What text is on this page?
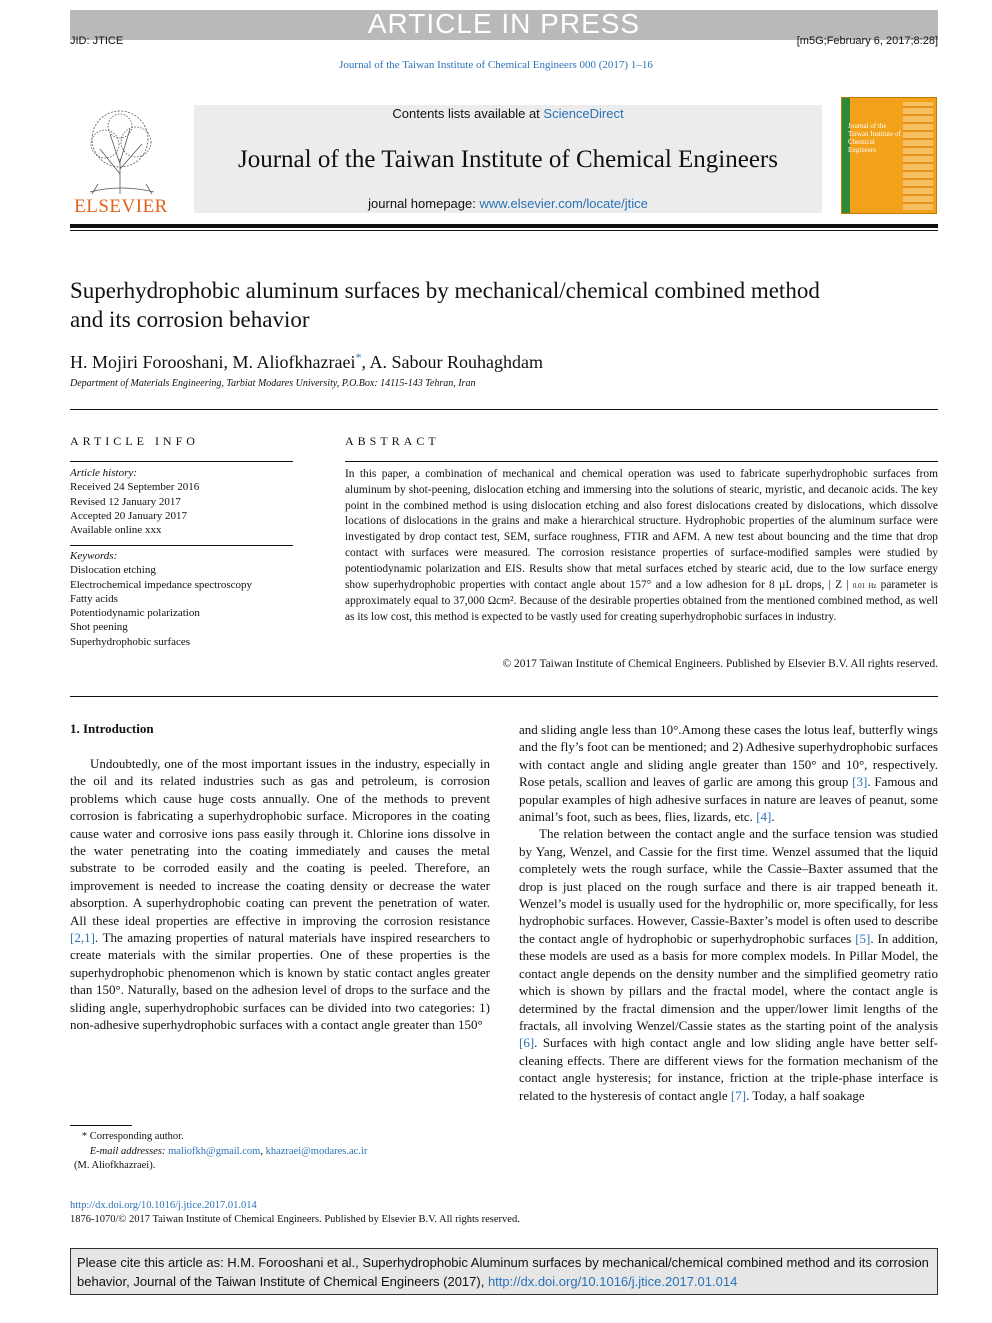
ARTICLE IN PRESS
JID: JTICE	[m5G;February 6, 2017;8:28]
Journal of the Taiwan Institute of Chemical Engineers 000 (2017) 1–16
ELSEVIER
Contents lists available at ScienceDirect
Journal of the Taiwan Institute of Chemical Engineers
journal homepage: www.elsevier.com/locate/jtice
Journal of the Taiwan Institute of Chemical Engineers
Superhydrophobic aluminum surfaces by mechanical/chemical combined method and its corrosion behavior
H. Mojiri Forooshani, M. Aliofkhazraei*, A. Sabour Rouhaghdam
Department of Materials Engineering, Tarbiat Modares University, P.O.Box: 14115-143 Tehran, Iran
ARTICLE INFO
Article history:
Received 24 September 2016
Revised 12 January 2017
Accepted 20 January 2017
Available online xxx
Keywords:
Dislocation etching
Electrochemical impedance spectroscopy
Fatty acids
Potentiodynamic polarization
Shot peening
Superhydrophobic surfaces
ABSTRACT
In this paper, a combination of mechanical and chemical operation was used to fabricate superhydrophobic surfaces from aluminum by shot-peening, dislocation etching and immersing into the solutions of stearic, myristic, and decanoic acids. The key point in the combined method is using dislocation etching and also forest dislocations created by dislocations, which dissolve locations of dislocations in the grains and make a hierarchical structure. Hydrophobic properties of the aluminum surface were investigated by drop contact test, SEM, surface roughness, FTIR and AFM. A new test about bouncing and the time that drop contact with surfaces were measured. The corrosion resistance properties of surface-modified samples were studied by potentiodynamic polarization and EIS. Results show that metal surfaces etched by stearic acid, due to the low surface energy show superhydrophobic properties with contact angle about 157° and a low adhesion for 8 µL drops, | Z | 0.01 Hz parameter is approximately equal to 37,000 Ωcm². Because of the desirable properties obtained from the mentioned combined method, as well as its low cost, this method is expected to be vastly used for creating superhydrophobic surfaces in industry.
© 2017 Taiwan Institute of Chemical Engineers. Published by Elsevier B.V. All rights reserved.
1. Introduction

Undoubtedly, one of the most important issues in the industry, especially in the oil and its related industries such as gas and petroleum, is corrosion problems which cause huge costs annually. One of the methods to prevent corrosion is fabricating a superhydrophobic surface. Micropores in the coating cause water and corrosive ions pass easily through it. Chlorine ions dissolve in the water penetrating into the coating immediately and causes the metal substrate to be corroded easily and the coating is peeled. Therefore, an improvement is needed to increase the coating density or decrease the water absorption. A superhydrophobic coating can prevent the penetration of water. All these ideal properties are effective in improving the corrosion resistance [2,1]. The amazing properties of natural materials have inspired researchers to create materials with the similar properties. One of these properties is the superhydrophobic phenomenon which is known by static contact angles greater than 150°. Naturally, based on the adhesion level of drops to the surface and the sliding angle, superhydrophobic surfaces can be divided into two categories: 1) non-adhesive superhydrophobic surfaces with a contact angle greater than 150°

and sliding angle less than 10°.Among these cases the lotus leaf, butterfly wings and the fly’s foot can be mentioned; and 2) Adhesive superhydrophobic surfaces with contact angle and sliding angle greater than 150° and 10°, respectively. Rose petals, scallion and leaves of garlic are among this group [3]. Famous and popular examples of high adhesive surfaces in nature are leaves of peanut, some animal’s foot, such as bees, flies, lizards, etc. [4].

The relation between the contact angle and the surface tension was studied by Yang, Wenzel, and Cassie for the first time. Wenzel assumed that the liquid completely wets the rough surface, while the Cassie–Baxter assumed that the drop is just placed on the rough surface and there is air trapped beneath it. Wenzel’s model is usually used for the hydrophilic or, more specifically, for less hydrophobic surfaces. However, Cassie-Baxter’s model is often used to describe the contact angle of hydrophobic or superhydrophobic surfaces [5]. In addition, these models are used as a basis for more complex models. In Pillar Model, the contact angle depends on the density number and the simplified geometry ratio which is shown by pillars and the fractal model, where the contact angle is determined by the fractal dimension and the upper/lower limit lengths of the fractals, all involving Wenzel/Cassie states as the starting point of the analysis [6]. Surfaces with high contact angle and low sliding angle have better self-cleaning effects. There are different views for the formation mechanism of the contact angle hysteresis; for instance, friction at the triple-phase interface is related to the hysteresis of contact angle [7]. Today, a half soakage

* Corresponding author.
E-mail addresses: maliofkh@gmail.com, khazraei@modares.ac.ir
(M. Aliofkhazraei).
http://dx.doi.org/10.1016/j.jtice.2017.01.014
1876-1070/© 2017 Taiwan Institute of Chemical Engineers. Published by Elsevier B.V. All rights reserved.
Please cite this article as: H.M. Forooshani et al., Superhydrophobic Aluminum surfaces by mechanical/chemical combined method and its corrosion behavior, Journal of the Taiwan Institute of Chemical Engineers (2017), http://dx.doi.org/10.1016/j.jtice.2017.01.014
